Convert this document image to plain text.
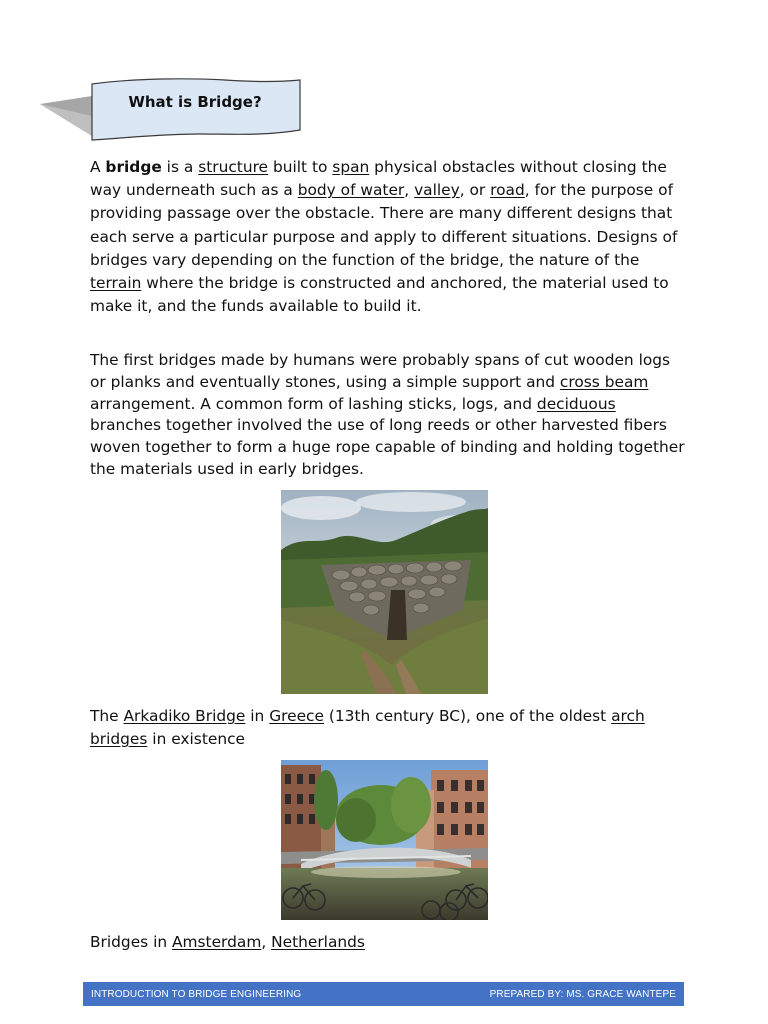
What is Bridge?
A bridge is a structure built to span physical obstacles without closing the way underneath such as a body of water, valley, or road, for the purpose of providing passage over the obstacle. There are many different designs that each serve a particular purpose and apply to different situations. Designs of bridges vary depending on the function of the bridge, the nature of the terrain where the bridge is constructed and anchored, the material used to make it, and the funds available to build it.
The first bridges made by humans were probably spans of cut wooden logs or planks and eventually stones, using a simple support and cross beam arrangement. A common form of lashing sticks, logs, and deciduous branches together involved the use of long reeds or other harvested fibers woven together to form a huge rope capable of binding and holding together the materials used in early bridges.
The Arkadiko Bridge in Greece (13th century BC), one of the oldest arch bridges in existence
Bridges in Amsterdam, Netherlands
INTRODUCTION TO BRIDGE ENGINEERING	PREPARED BY: MS. GRACE WANTEPE
